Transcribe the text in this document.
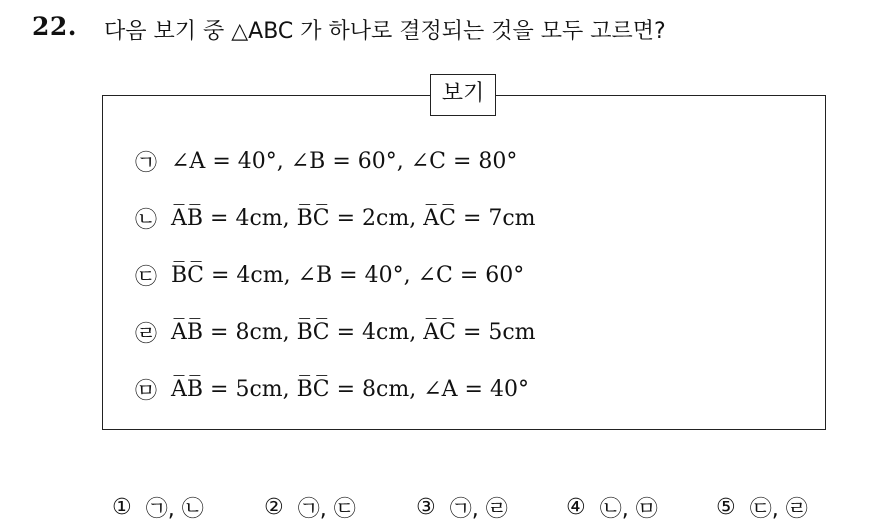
22. 다음 보기 중 △ABC 가 하나로 결정되는 것을 모두 고르면?
보기
㉠ ∠A = 40°, ∠B = 60°, ∠C = 80°
㉡ A̅B̅ = 4cm, B̅C̅ = 2cm, A̅C̅ = 7cm
㉢ B̅C̅ = 4cm, ∠B = 40°, ∠C = 60°
㉣ A̅B̅ = 8cm, B̅C̅ = 4cm, A̅C̅ = 5cm
㉤ A̅B̅ = 5cm, B̅C̅ = 8cm, ∠A = 40°
① ㉠, ㉡	② ㉠, ㉢	③ ㉠, ㉣	④ ㉡, ㉤	⑤ ㉢, ㉣
